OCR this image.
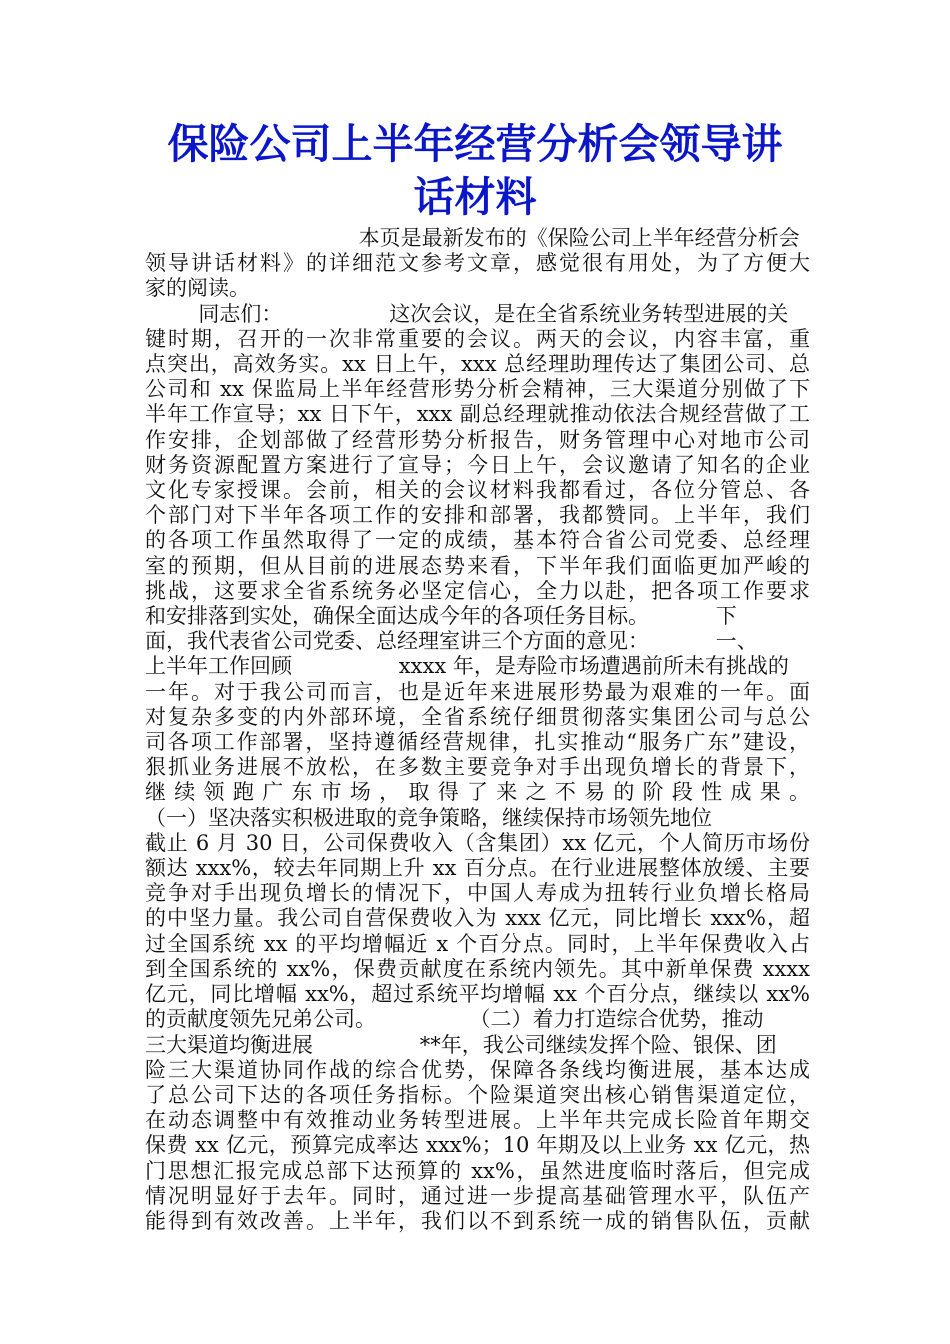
保险公司上半年经营分析会领导讲
话材料
本页是最新发布的《保险公司上半年经营分析会
领导讲话材料》的详细范文参考文章，感觉很有用处，为了方便大
家的阅读。
同志们：                这次会议，是在全省系统业务转型进展的关
键时期，召开的一次非常重要的会议。两天的会议，内容丰富，重
点突出，高效务实。xx 日上午，xxx 总经理助理传达了集团公司、总
公司和 xx 保监局上半年经营形势分析会精神，三大渠道分别做了下
半年工作宣导；xx 日下午，xxx 副总经理就推动依法合规经营做了工
作安排，企划部做了经营形势分析报告，财务管理中心对地市公司
财务资源配置方案进行了宣导；今日上午，会议邀请了知名的企业
文化专家授课。会前，相关的会议材料我都看过，各位分管总、各
个部门对下半年各项工作的安排和部署，我都赞同。上半年，我们
的各项工作虽然取得了一定的成绩，基本符合省公司党委、总经理
室的预期，但从目前的进展态势来看，下半年我们面临更加严峻的
挑战，这要求全省系统务必坚定信心，全力以赴，把各项工作要求
和安排落到实处，确保全面达成今年的各项任务目标。          下
面，我代表省公司党委、总经理室讲三个方面的意见：          一、
上半年工作回顾                xxxx 年，是寿险市场遭遇前所未有挑战的
一年。对于我公司而言，也是近年来进展形势最为艰难的一年。面
对复杂多变的内外部环境，全省系统仔细贯彻落实集团公司与总公
司各项工作部署，坚持遵循经营规律，扎实推动“服务广东”建设，
狠抓业务进展不放松，在多数主要竞争对手出现负增长的背景下，
继续领跑广东市场，取得了来之不易的阶段性成果。
（一）坚决落实积极进取的竞争策略，继续保持市场领先地位
截止 6 月 30 日，公司保费收入（含集团）xx 亿元，个人简历市场份
额达 xxx%，较去年同期上升 xx 百分点。在行业进展整体放缓、主要
竞争对手出现负增长的情况下，中国人寿成为扭转行业负增长格局
的中坚力量。我公司自营保费收入为 xxx 亿元，同比增长 xxx%，超
过全国系统 xx 的平均增幅近 x 个百分点。同时，上半年保费收入占
到全国系统的 xx%，保费贡献度在系统内领先。其中新单保费 xxxx
亿元，同比增幅 xx%，超过系统平均增幅 xx 个百分点，继续以 xx%
的贡献度领先兄弟公司。              （二）着力打造综合优势，推动
三大渠道均衡进展                **年，我公司继续发挥个险、银保、团
险三大渠道协同作战的综合优势，保障各条线均衡进展，基本达成
了总公司下达的各项任务指标。个险渠道突出核心销售渠道定位，
在动态调整中有效推动业务转型进展。上半年共完成长险首年期交
保费 xx 亿元，预算完成率达 xxx%；10 年期及以上业务 xx 亿元，热
门思想汇报完成总部下达预算的 xx%，虽然进度临时落后，但完成
情况明显好于去年。同时，通过进一步提高基础管理水平，队伍产
能得到有效改善。上半年，我们以不到系统一成的销售队伍，贡献
